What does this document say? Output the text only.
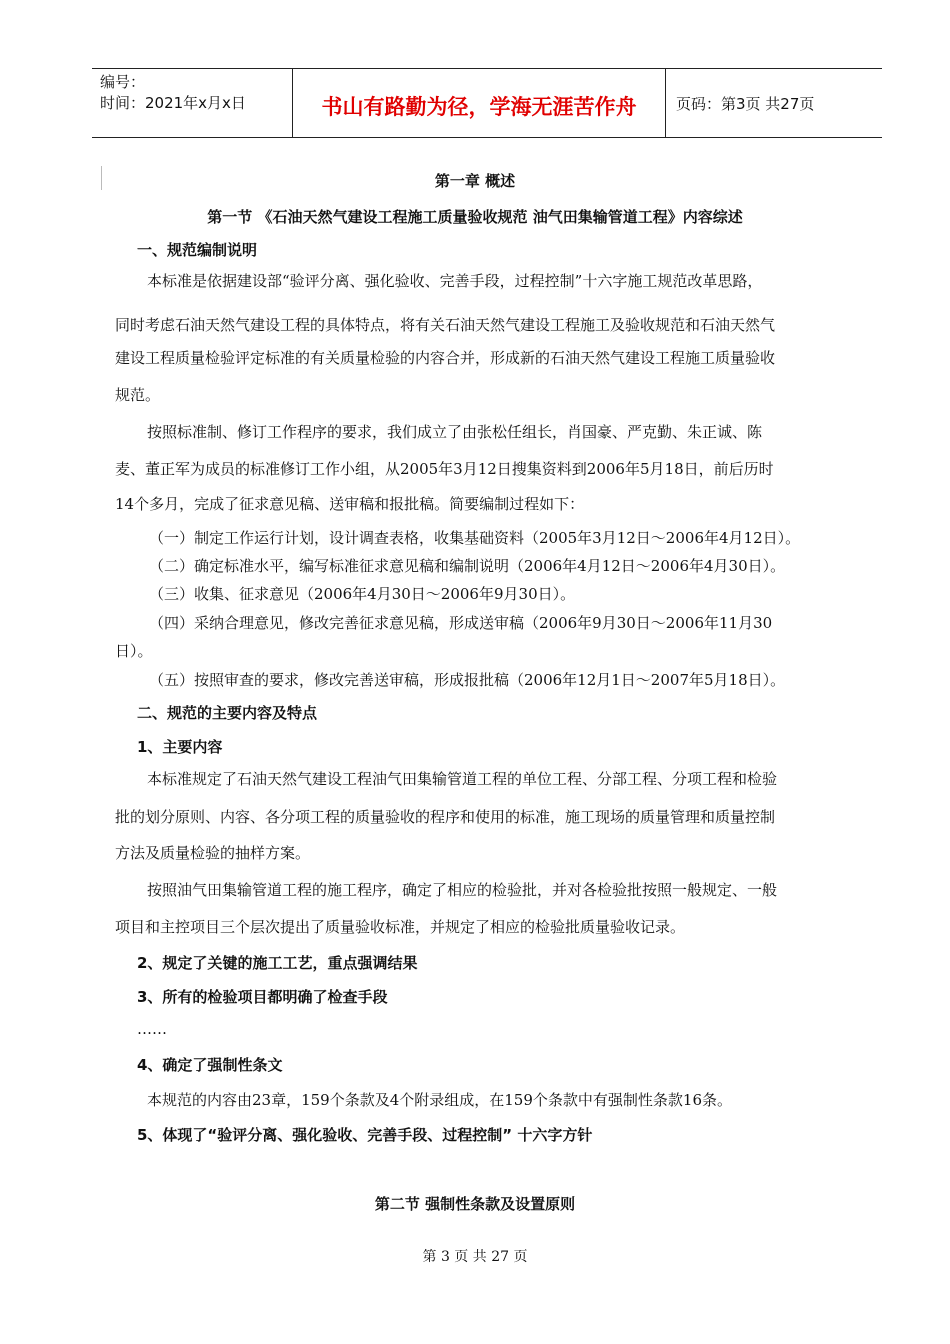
编号：
时间：2021年x月x日	书山有路勤为径，学海无涯苦作舟	页码：第3页 共27页
第一章 概述
第一节 《石油天然气建设工程施工质量验收规范 油气田集输管道工程》内容综述
一、规范编制说明
本标准是依据建设部“验评分离、强化验收、完善手段，过程控制”十六字施工规范改革思路，
同时考虑石油天然气建设工程的具体特点，将有关石油天然气建设工程施工及验收规范和石油天然气
建设工程质量检验评定标准的有关质量检验的内容合并，形成新的石油天然气建设工程施工质量验收
规范。
按照标准制、修订工作程序的要求，我们成立了由张松任组长，肖国豪、严克勤、朱正诚、陈
麦、董正军为成员的标准修订工作小组，从2005年3月12日搜集资料到2006年5月18日，前后历时
14个多月，完成了征求意见稿、送审稿和报批稿。简要编制过程如下：
（一）制定工作运行计划，设计调查表格，收集基础资料（2005年3月12日～2006年4月12日）。
（二）确定标准水平，编写标准征求意见稿和编制说明（2006年4月12日～2006年4月30日）。
（三）收集、征求意见（2006年4月30日～2006年9月30日）。
（四）采纳合理意见，修改完善征求意见稿，形成送审稿（2006年9月30日～2006年11月30
日）。
（五）按照审查的要求，修改完善送审稿，形成报批稿（2006年12月1日～2007年5月18日）。
二、规范的主要内容及特点
1、主要内容
本标准规定了石油天然气建设工程油气田集输管道工程的单位工程、分部工程、分项工程和检验
批的划分原则、内容、各分项工程的质量验收的程序和使用的标准，施工现场的质量管理和质量控制
方法及质量检验的抽样方案。
按照油气田集输管道工程的施工程序，确定了相应的检验批，并对各检验批按照一般规定、一般
项目和主控项目三个层次提出了质量验收标准，并规定了相应的检验批质量验收记录。
2、规定了关键的施工工艺，重点强调结果
3、所有的检验项目都明确了检查手段
……
4、确定了强制性条文
本规范的内容由23章，159个条款及4个附录组成，在159个条款中有强制性条款16条。
5、体现了“验评分离、强化验收、完善手段、过程控制” 十六字方针
第二节 强制性条款及设置原则
第 3 页 共 27 页
